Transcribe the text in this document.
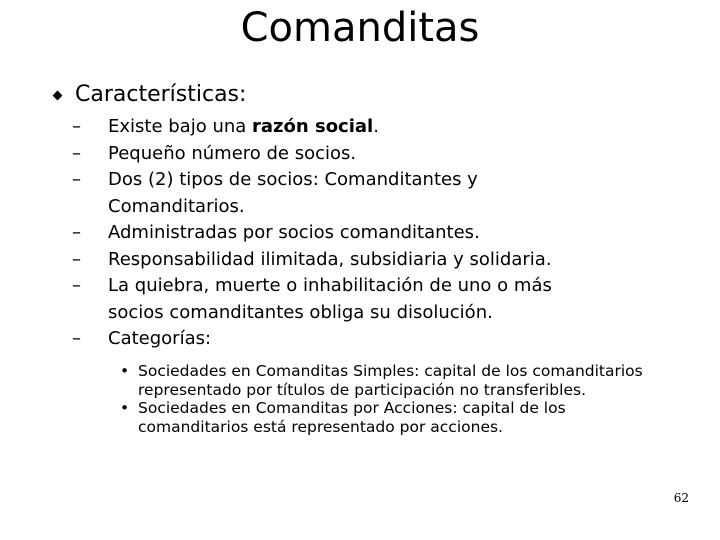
Comanditas
Características:
–	Existe bajo una razón social.
–	Pequeño número de socios.
–	Dos (2) tipos de socios: Comanditantes y Comanditarios.
–	Administradas por socios comanditantes.
–	Responsabilidad ilimitada, subsidiaria y solidaria.
–	La quiebra, muerte o inhabilitación de uno o más socios comanditantes obliga su disolución.
–	Categorías:
• Sociedades en Comanditas Simples: capital de los comanditarios representado por títulos de participación no transferibles.
• Sociedades en Comanditas por Acciones: capital de los comanditarios está representado por acciones.
62
